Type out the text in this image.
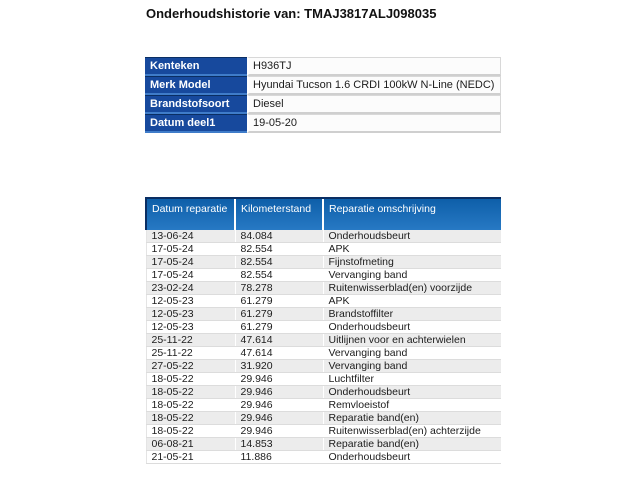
Onderhoudshistorie van: TMAJ3817ALJ098035
Kenteken	H936TJ
Merk Model	Hyundai Tucson 1.6 CRDI 100kW N-Line (NEDC)
Brandstofsoort	Diesel
Datum deel1	19-05-20
Datum reparatie	Kilometerstand	Reparatie omschrijving
13-06-24	84.084	Onderhoudsbeurt
17-05-24	82.554	APK
17-05-24	82.554	Fijnstofmeting
17-05-24	82.554	Vervanging band
23-02-24	78.278	Ruitenwisserblad(en) voorzijde
12-05-23	61.279	APK
12-05-23	61.279	Brandstoffilter
12-05-23	61.279	Onderhoudsbeurt
25-11-22	47.614	Uitlijnen voor en achterwielen
25-11-22	47.614	Vervanging band
27-05-22	31.920	Vervanging band
18-05-22	29.946	Luchtfilter
18-05-22	29.946	Onderhoudsbeurt
18-05-22	29.946	Remvloeistof
18-05-22	29.946	Reparatie band(en)
18-05-22	29.946	Ruitenwisserblad(en) achterzijde
06-08-21	14.853	Reparatie band(en)
21-05-21	11.886	Onderhoudsbeurt
